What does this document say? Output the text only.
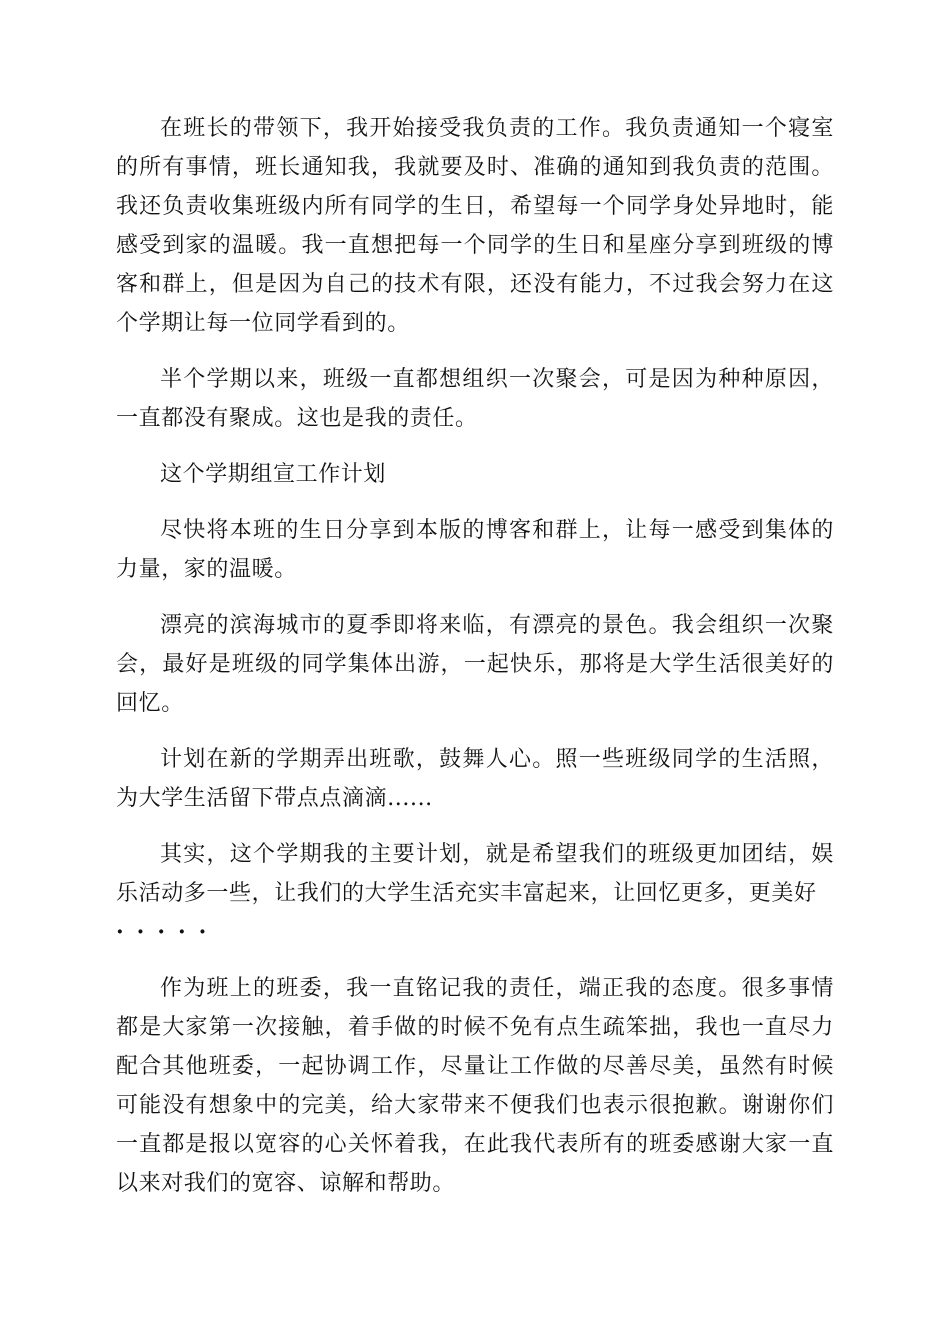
在班长的带领下，我开始接受我负责的工作。我负责通知一个寝室的所有事情，班长通知我，我就要及时、准确的通知到我负责的范围。我还负责收集班级内所有同学的生日，希望每一个同学身处异地时，能感受到家的温暖。我一直想把每一个同学的生日和星座分享到班级的博客和群上，但是因为自己的技术有限，还没有能力，不过我会努力在这个学期让每一位同学看到的。

半个学期以来，班级一直都想组织一次聚会，可是因为种种原因，一直都没有聚成。这也是我的责任。

这个学期组宣工作计划

尽快将本班的生日分享到本版的博客和群上，让每一感受到集体的力量，家的温暖。

漂亮的滨海城市的夏季即将来临，有漂亮的景色。我会组织一次聚会，最好是班级的同学集体出游，一起快乐，那将是大学生活很美好的回忆。

计划在新的学期弄出班歌，鼓舞人心。照一些班级同学的生活照，为大学生活留下带点点滴滴......

其实，这个学期我的主要计划，就是希望我们的班级更加团结，娱乐活动多一些，让我们的大学生活充实丰富起来，让回忆更多，更美好
·····

作为班上的班委，我一直铭记我的责任，端正我的态度。很多事情都是大家第一次接触，着手做的时候不免有点生疏笨拙，我也一直尽力配合其他班委，一起协调工作，尽量让工作做的尽善尽美，虽然有时候可能没有想象中的完美，给大家带来不便我们也表示很抱歉。谢谢你们一直都是报以宽容的心关怀着我，在此我代表所有的班委感谢大家一直以来对我们的宽容、谅解和帮助。
